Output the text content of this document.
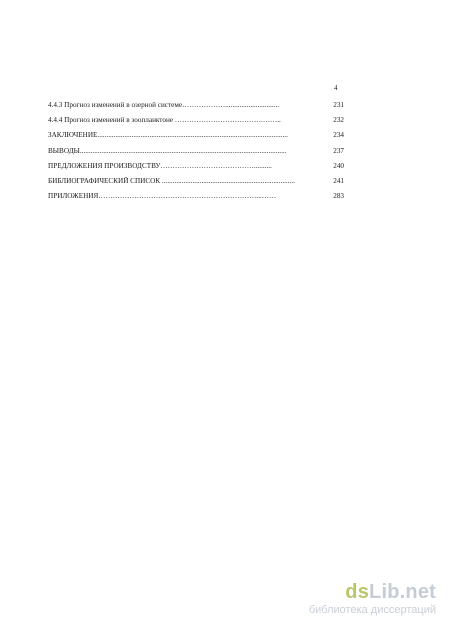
4
4.4.3 Прогноз изменений в озерной системе………………..............................	231
4.4.4 Прогноз изменений в зоопланктоне ……………………………….……..	232
ЗАКЛЮЧЕНИЕ..........................................................................................................	234
ВЫВОДЫ...................................................................................................................	237
ПРЕДЛОЖЕНИЯ ПРОИЗВОДСТВУ…………………………………..........	240
БИБЛИОГРАФИЧЕСКИЙ СПИСОК ..........................................................................	241
ПРИЛОЖЕНИЯ…………………………………………………………...……	283
dsLib.net
библиотека диссертаций
